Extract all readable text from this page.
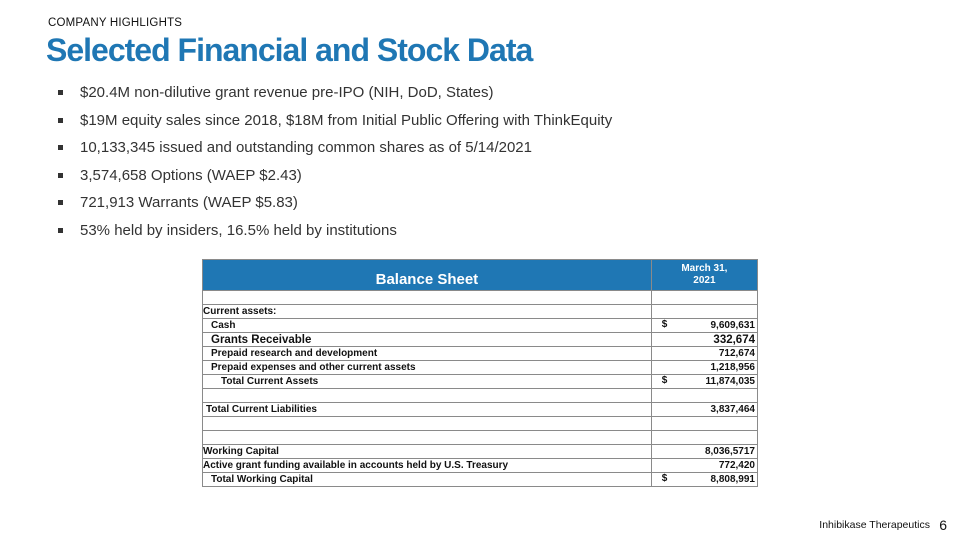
COMPANY HIGHLIGHTS
Selected Financial and Stock Data
$20.4M non-dilutive grant revenue pre-IPO (NIH, DoD, States)
$19M equity sales since 2018, $18M from Initial Public Offering with ThinkEquity
10,133,345 issued and outstanding common shares as of 5/14/2021
3,574,658 Options (WAEP $2.43)
721,913 Warrants (WAEP $5.83)
53% held by insiders, 16.5% held by institutions
Balance Sheet	March 31,
2021

Current assets:	
Cash	$ 9,609,631
Grants Receivable	332,674
Prepaid research and development	712,674
Prepaid expenses and other current assets	1,218,956
Total Current Assets	$ 11,874,035

Total Current Liabilities	3,837,464

Working Capital	8,036,5717
Active grant funding available in accounts held by U.S. Treasury	772,420
Total Working Capital	$ 8,808,991
Inhibikase Therapeutics 6
